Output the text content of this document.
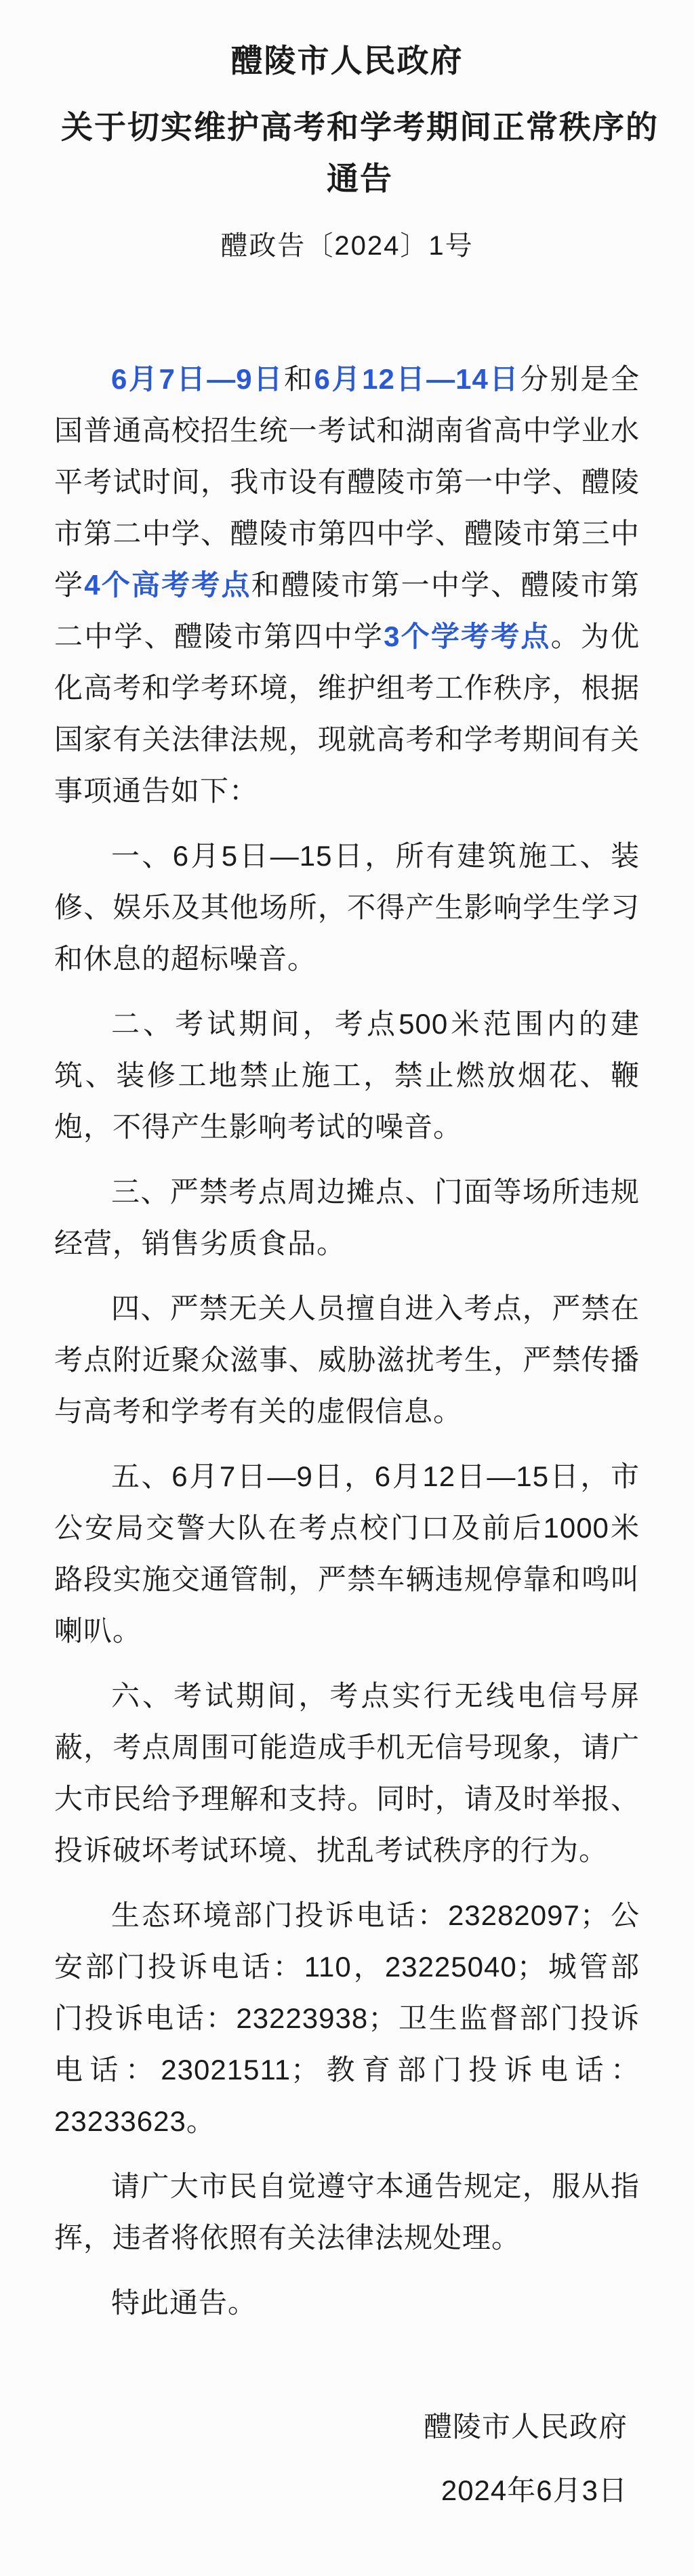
醴陵市人民政府
关于切实维护高考和学考期间正常秩序的通告
醴政告〔2024〕1号

6月7日—9日和6月12日—14日分别是全国普通高校招生统一考试和湖南省高中学业水平考试时间，我市设有醴陵市第一中学、醴陵市第二中学、醴陵市第四中学、醴陵市第三中学4个高考考点和醴陵市第一中学、醴陵市第二中学、醴陵市第四中学3个学考考点。为优化高考和学考环境，维护组考工作秩序，根据国家有关法律法规，现就高考和学考期间有关事项通告如下：

一、6月5日—15日，所有建筑施工、装修、娱乐及其他场所，不得产生影响学生学习和休息的超标噪音。

二、考试期间，考点500米范围内的建筑、装修工地禁止施工，禁止燃放烟花、鞭炮，不得产生影响考试的噪音。

三、严禁考点周边摊点、门面等场所违规经营，销售劣质食品。

四、严禁无关人员擅自进入考点，严禁在考点附近聚众滋事、威胁滋扰考生，严禁传播与高考和学考有关的虚假信息。

五、6月7日—9日，6月12日—15日，市公安局交警大队在考点校门口及前后1000米路段实施交通管制，严禁车辆违规停靠和鸣叫喇叭。

六、考试期间，考点实行无线电信号屏蔽，考点周围可能造成手机无信号现象，请广大市民给予理解和支持。同时，请及时举报、投诉破坏考试环境、扰乱考试秩序的行为。

生态环境部门投诉电话：23282097；公安部门投诉电话：110，23225040；城管部门投诉电话：23223938；卫生监督部门投诉电话：23021511；教育部门投诉电话：23233623。

请广大市民自觉遵守本通告规定，服从指挥，违者将依照有关法律法规处理。

特此通告。

醴陵市人民政府
2024年6月3日
